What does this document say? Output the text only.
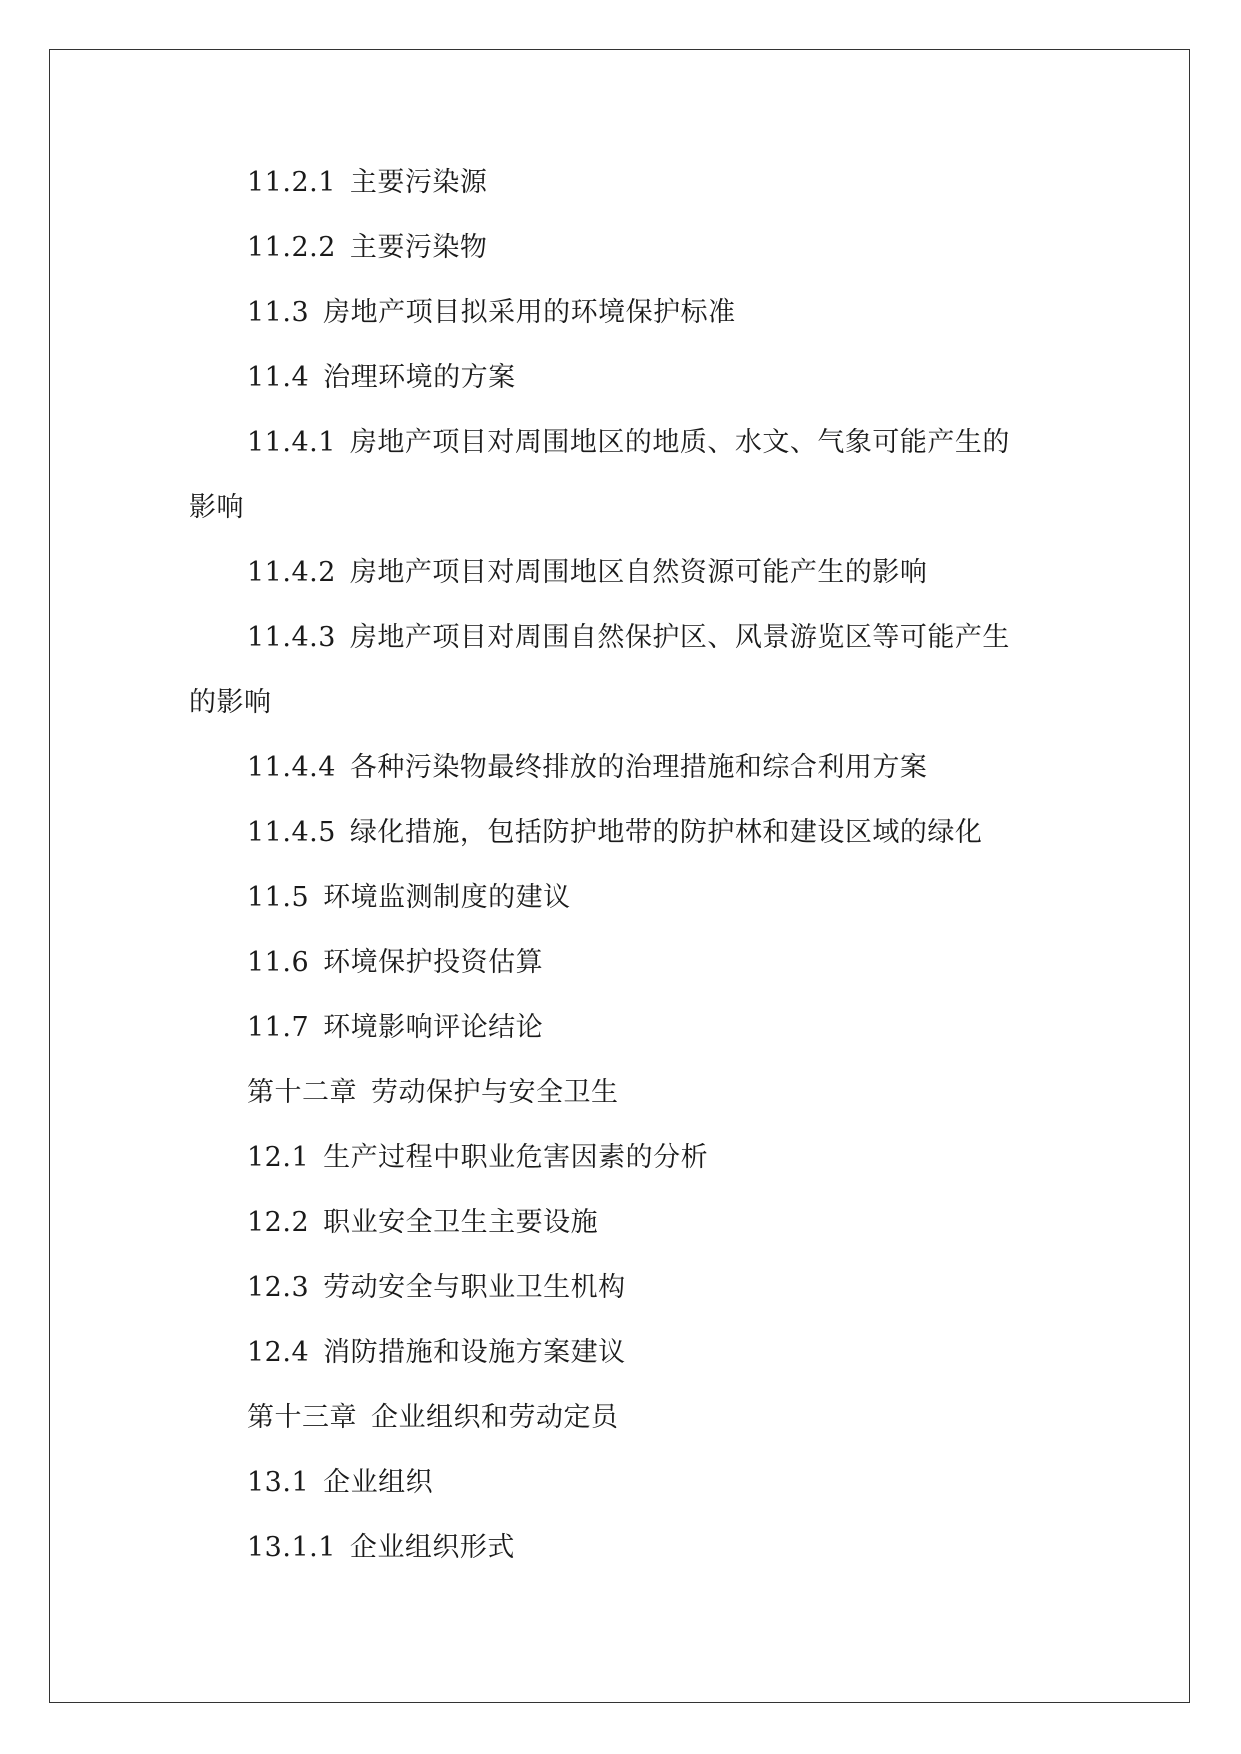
11.2.1 主要污染源
11.2.2 主要污染物
11.3 房地产项目拟采用的环境保护标准
11.4 治理环境的方案
11.4.1 房地产项目对周围地区的地质、水文、气象可能产生的
影响
11.4.2 房地产项目对周围地区自然资源可能产生的影响
11.4.3 房地产项目对周围自然保护区、风景游览区等可能产生
的影响
11.4.4 各种污染物最终排放的治理措施和综合利用方案
11.4.5 绿化措施，包括防护地带的防护林和建设区域的绿化
11.5 环境监测制度的建议
11.6 环境保护投资估算
11.7 环境影响评论结论
第十二章 劳动保护与安全卫生
12.1 生产过程中职业危害因素的分析
12.2 职业安全卫生主要设施
12.3 劳动安全与职业卫生机构
12.4 消防措施和设施方案建议
第十三章 企业组织和劳动定员
13.1 企业组织
13.1.1 企业组织形式
